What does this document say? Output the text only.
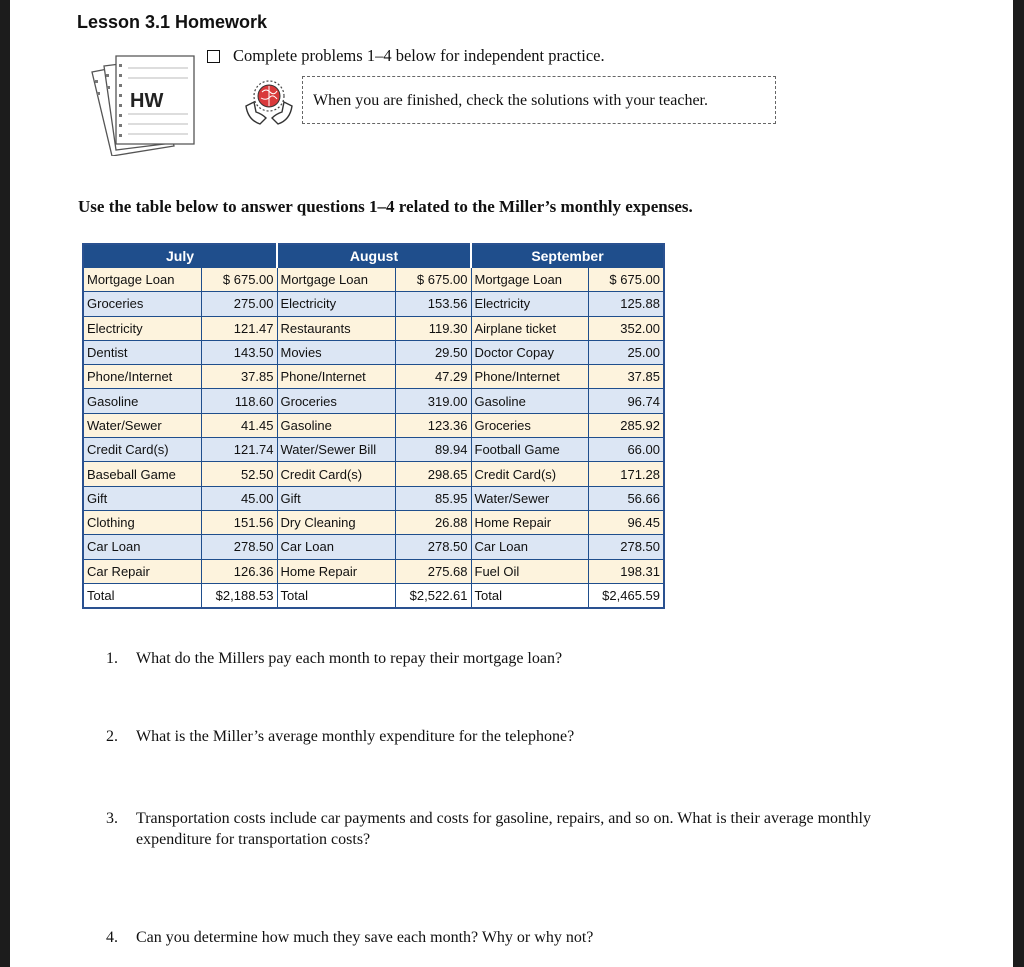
Lesson 3.1 Homework
HW
Complete problems 1–4 below for independent practice.
When you are finished, check the solutions with your teacher.
Use the table below to answer questions 1–4 related to the Miller’s monthly expenses.
July		August		September	
Mortgage Loan	$ 675.00	Mortgage Loan	$ 675.00	Mortgage Loan	$ 675.00
Groceries	275.00	Electricity	153.56	Electricity	125.88
Electricity	121.47	Restaurants	119.30	Airplane ticket	352.00
Dentist	143.50	Movies	29.50	Doctor Copay	25.00
Phone/Internet	37.85	Phone/Internet	47.29	Phone/Internet	37.85
Gasoline	118.60	Groceries	319.00	Gasoline	96.74
Water/Sewer	41.45	Gasoline	123.36	Groceries	285.92
Credit Card(s)	121.74	Water/Sewer Bill	89.94	Football Game	66.00
Baseball Game	52.50	Credit Card(s)	298.65	Credit Card(s)	171.28
Gift	45.00	Gift	85.95	Water/Sewer	56.66
Clothing	151.56	Dry Cleaning	26.88	Home Repair	96.45
Car Loan	278.50	Car Loan	278.50	Car Loan	278.50
Car Repair	126.36	Home Repair	275.68	Fuel Oil	198.31
Total	$2,188.53	Total	$2,522.61	Total	$2,465.59
1. What do the Millers pay each month to repay their mortgage loan?
2. What is the Miller’s average monthly expenditure for the telephone?
3. Transportation costs include car payments and costs for gasoline, repairs, and so on. What is their average monthly expenditure for transportation costs?
4. Can you determine how much they save each month? Why or why not?
